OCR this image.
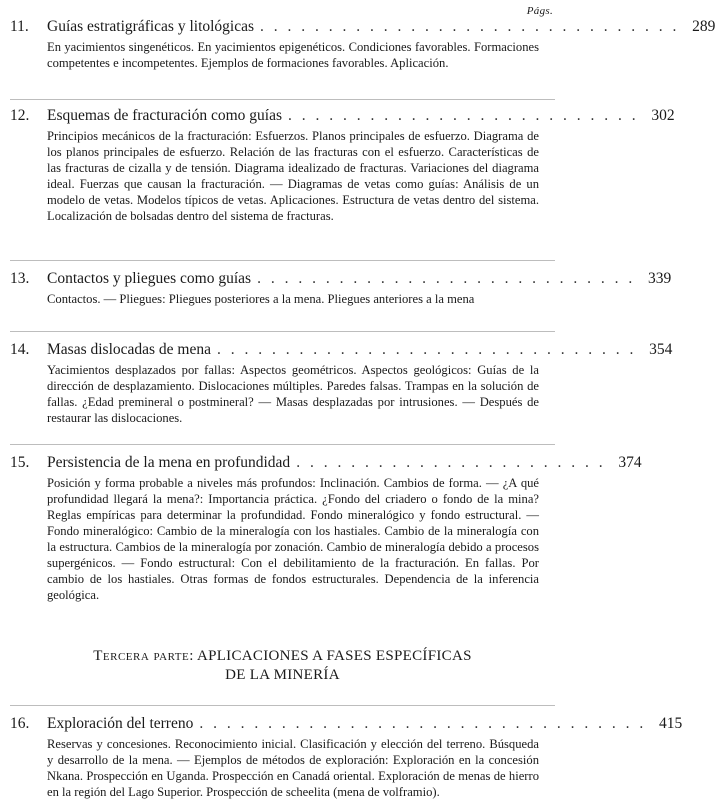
Págs.
11.	Guías estratigráficas y litológicas . . . . . . . . . . . . . . . . . . . . . . . . . . . . . . . 289
En yacimientos singenéticos. En yacimientos epigenéticos. Condiciones favorables. Formaciones competentes e incompetentes. Ejemplos de formaciones favorables. Aplicación.
12.	Esquemas de fracturación como guías . . . . . . . . . . . . . . . . . . . . . . . . . . 302
Principios mecánicos de la fracturación: Esfuerzos. Planos principales de esfuerzo. Diagrama de los planos principales de esfuerzo. Relación de las fracturas con el esfuerzo. Características de las fracturas de cizalla y de tensión. Diagrama idealizado de fracturas. Variaciones del diagrama ideal. Fuerzas que causan la fracturación. — Diagramas de vetas como guías: Análisis de un modelo de vetas. Modelos típicos de vetas. Aplicaciones. Estructura de vetas dentro del sistema. Localización de bolsadas dentro del sistema de fracturas.
13.	Contactos y pliegues como guías . . . . . . . . . . . . . . . . . . . . . . . . . . . . 339
Contactos. — Pliegues: Pliegues posteriores a la mena. Pliegues anteriores a la mena
14.	Masas dislocadas de mena . . . . . . . . . . . . . . . . . . . . . . . . . . . . . . . 354
Yacimientos desplazados por fallas: Aspectos geométricos. Aspectos geológicos: Guías de la dirección de desplazamiento. Dislocaciones múltiples. Paredes falsas. Trampas en la solución de fallas. ¿Edad premineral o postmineral? — Masas desplazadas por intrusiones. — Después de restaurar las dislocaciones.
15.	Persistencia de la mena en profundidad . . . . . . . . . . . . . . . . . . . . . . . 374
Posición y forma probable a niveles más profundos: Inclinación. Cambios de forma. — ¿A qué profundidad llegará la mena?: Importancia práctica. ¿Fondo del criadero o fondo de la mina? Reglas empíricas para determinar la profundidad. Fondo mineralógico y fondo estructural. — Fondo mineralógico: Cambio de la mineralogía con los hastiales. Cambio de la mineralogía con la estructura. Cambios de la mineralogía por zonación. Cambio de mineralogía debido a procesos supergénicos. — Fondo estructural: Con el debilitamiento de la fracturación. En fallas. Por cambio de los hastiales. Otras formas de fondos estructurales. Dependencia de la inferencia geológica.
Tercera parte: APLICACIONES A FASES ESPECÍFICAS
DE LA MINERÍA
16.	Exploración del terreno . . . . . . . . . . . . . . . . . . . . . . . . . . . . . . . . . 415
Reservas y concesiones. Reconocimiento inicial. Clasificación y elección del terreno. Búsqueda y desarrollo de la mena. — Ejemplos de métodos de exploración: Exploración en la concesión Nkana. Prospección en Uganda. Prospección en Canadá oriental. Exploración de menas de hierro en la región del Lago Superior. Prospección de scheelita (mena de volframio).
